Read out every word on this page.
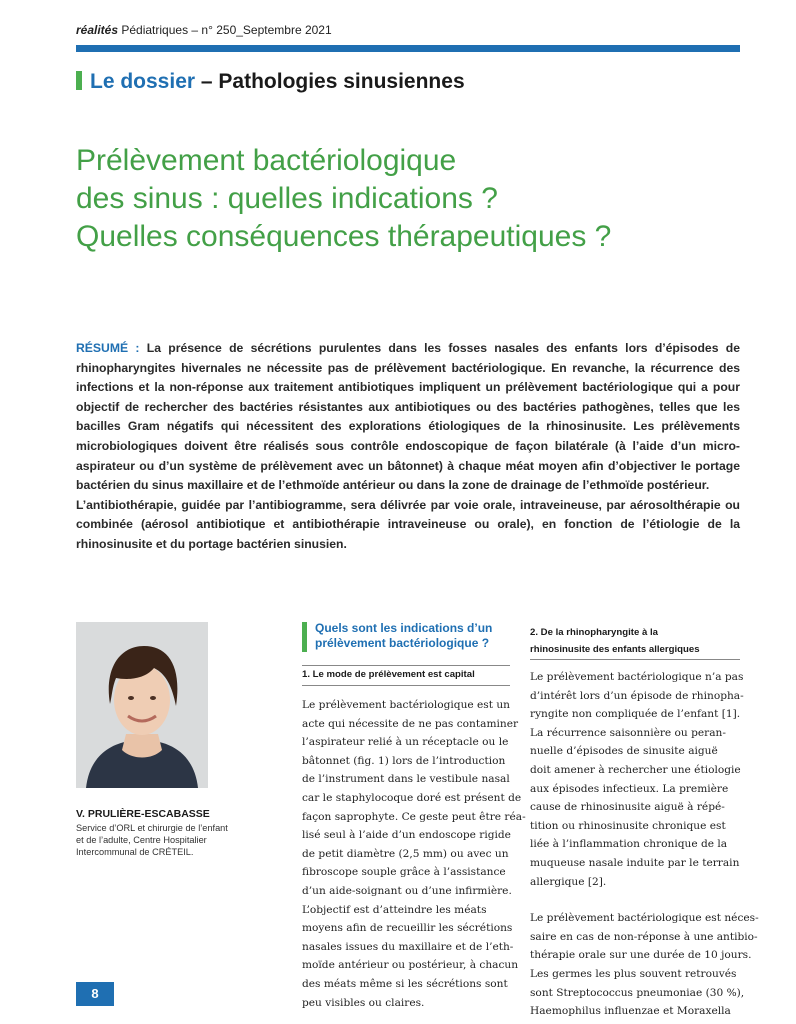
réalités Pédiatriques – n° 250_Septembre 2021
Le dossier – Pathologies sinusiennes
Prélèvement bactériologique
des sinus : quelles indications ?
Quelles conséquences thérapeutiques ?

RÉSUMÉ : La présence de sécrétions purulentes dans les fosses nasales des enfants lors d’épisodes de rhinopharyngites hivernales ne nécessite pas de prélèvement bactériologique. En revanche, la récurrence des infections et la non-réponse aux traitement antibiotiques impliquent un prélèvement bactériologique qui a pour objectif de rechercher des bactéries résistantes aux antibiotiques ou des bactéries pathogènes, telles que les bacilles Gram négatifs qui nécessitent des explorations étiologiques de la rhinosinusite. Les prélèvements microbiologiques doivent être réalisés sous contrôle endoscopique de façon bilatérale (à l’aide d’un micro-aspirateur ou d’un système de prélèvement avec un bâtonnet) à chaque méat moyen afin d’objectiver le portage bactérien du sinus maxillaire et de l’ethmoïde antérieur ou dans la zone de drainage de l’ethmoïde postérieur.

L’antibiothérapie, guidée par l’antibiogramme, sera délivrée par voie orale, intraveineuse, par aérosolthérapie ou combinée (aérosol antibiotique et antibiothérapie intraveineuse ou orale), en fonction de l’étiologie de la rhinosinusite et du portage bactérien sinusien.

V. PRULIÈRE-ESCABASSE
Service d’ORL et chirurgie de l’enfant
et de l’adulte, Centre Hospitalier
Intercommunal de CRÉTEIL.
Quels sont les indications d’un
prélèvement bactériologique ?
1. Le mode de prélèvement est capital
Le prélèvement bactériologique est un
acte qui nécessite de ne pas contaminer
l’aspirateur relié à un réceptacle ou le
bâtonnet (fig. 1) lors de l’introduction
de l’instrument dans le vestibule nasal
car le staphylocoque doré est présent de
façon saprophyte. Ce geste peut être réa-
lisé seul à l’aide d’un endoscope rigide
de petit diamètre (2,5 mm) ou avec un
fibroscope souple grâce à l’assistance
d’un aide-soignant ou d’une infirmière.
L’objectif est d’atteindre les méats
moyens afin de recueillir les sécrétions
nasales issues du maxillaire et de l’eth-
moïde antérieur ou postérieur, à chacun
des méats même si les sécrétions sont
peu visibles ou claires.
2. De la rhinopharyngite à la
rhinosinusite des enfants allergiques
Le prélèvement bactériologique n’a pas
d’intérêt lors d’un épisode de rhinopha-
ryngite non compliquée de l’enfant [1].
La récurrence saisonnière ou peran-
nuelle d’épisodes de sinusite aiguë
doit amener à rechercher une étiologie
aux épisodes infectieux. La première
cause de rhinosinusite aiguë à répé-
tition ou rhinosinusite chronique est
liée à l’inflammation chronique de la
muqueuse nasale induite par le terrain
allergique [2].
Le prélèvement bactériologique est néces-
saire en cas de non-réponse à une antibio-
thérapie orale sur une durée de 10 jours.
Les germes les plus souvent retrouvés
sont Streptococcus pneumoniae (30 %),
Haemophilus influenzae et Moraxella
8
